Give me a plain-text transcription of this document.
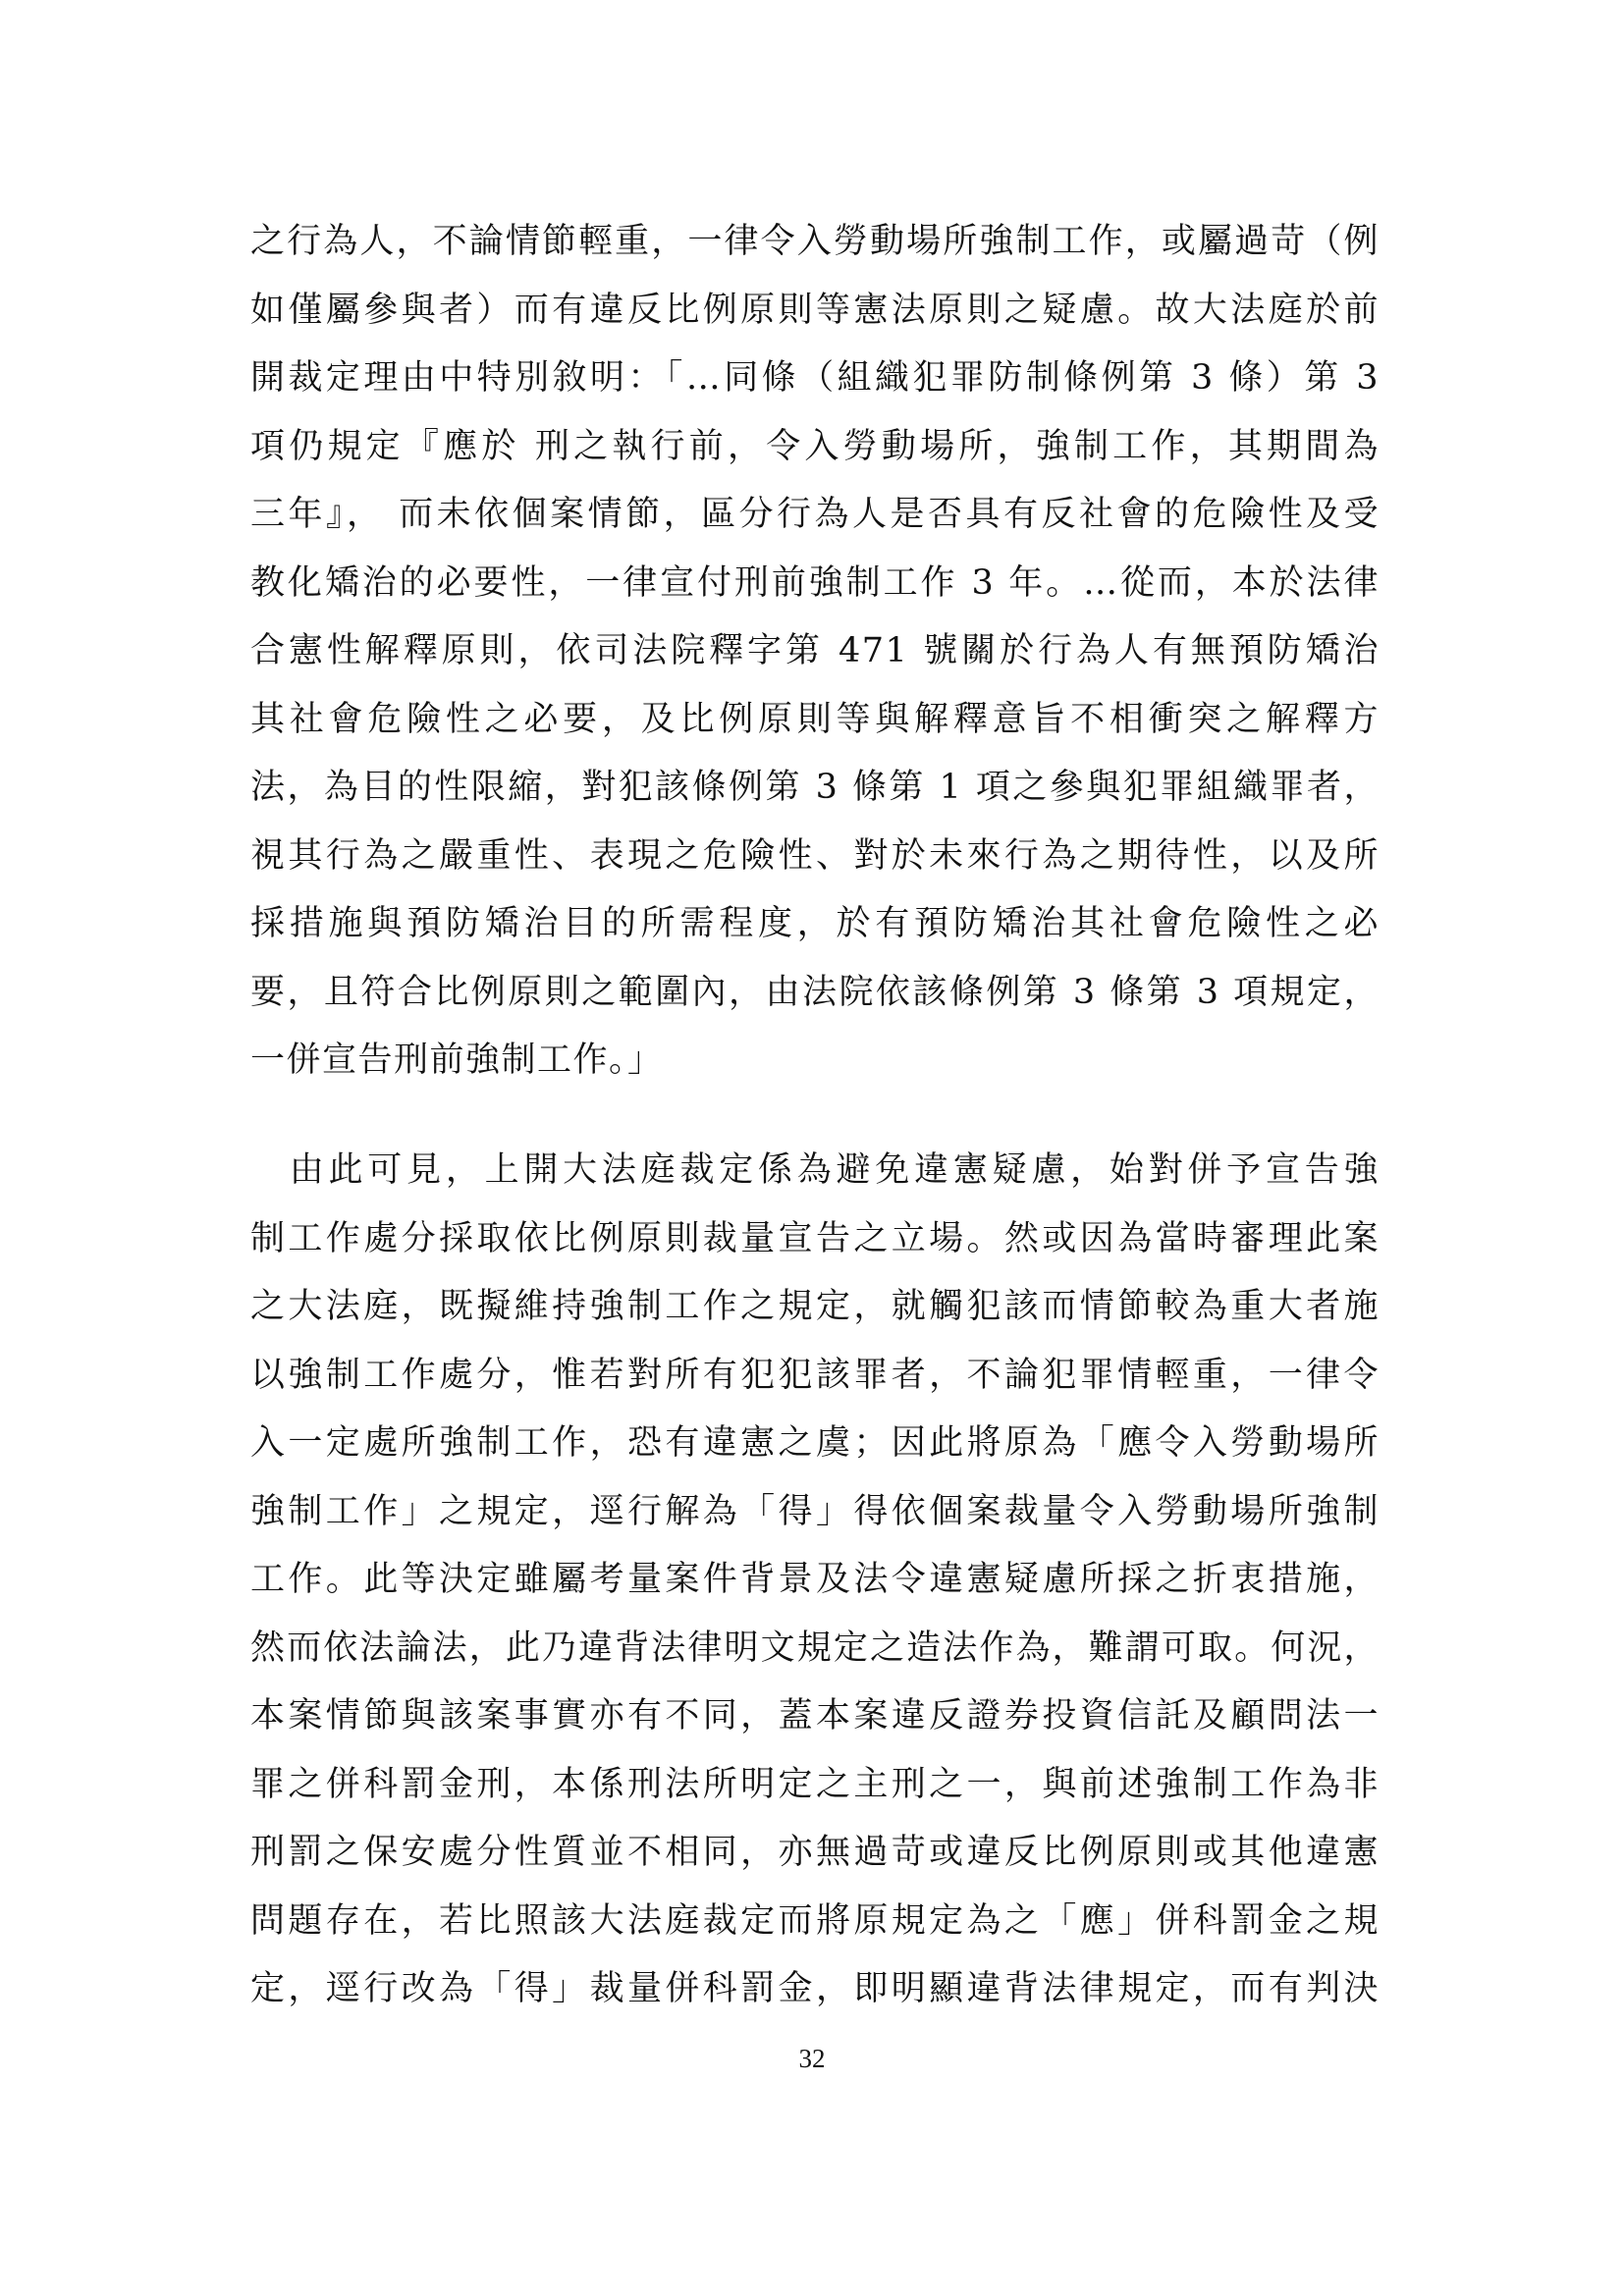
之行為人，不論情節輕重，一律令入勞動場所強制工作，或屬過苛（例
如僅屬參與者）而有違反比例原則等憲法原則之疑慮。故大法庭於前
開裁定理由中特別敘明：「…同條（組織犯罪防制條例第 3 條）第 3
項仍規定『應於 刑之執行前，令入勞動場所，強制工作，其期間為
三年』， 而未依個案情節，區分行為人是否具有反社會的危險性及受
教化矯治的必要性，一律宣付刑前強制工作 3 年。…從而，本於法律
合憲性解釋原則，依司法院釋字第 471 號關於行為人有無預防矯治
其社會危險性之必要，及比例原則等與解釋意旨不相衝突之解釋方
法，為目的性限縮，對犯該條例第 3 條第 1 項之參與犯罪組織罪者，
視其行為之嚴重性、表現之危險性、對於未來行為之期待性，以及所
採措施與預防矯治目的所需程度，於有預防矯治其社會危險性之必
要，且符合比例原則之範圍內，由法院依該條例第 3 條第 3 項規定，
一併宣告刑前強制工作。」
　由此可見，上開大法庭裁定係為避免違憲疑慮，始對併予宣告強
制工作處分採取依比例原則裁量宣告之立場。然或因為當時審理此案
之大法庭，既擬維持強制工作之規定，就觸犯該而情節較為重大者施
以強制工作處分，惟若對所有犯犯該罪者，不論犯罪情輕重，一律令
入一定處所強制工作，恐有違憲之虞；因此將原為「應令入勞動場所
強制工作」之規定，逕行解為「得」得依個案裁量令入勞動場所強制
工作。此等決定雖屬考量案件背景及法令違憲疑慮所採之折衷措施，
然而依法論法，此乃違背法律明文規定之造法作為，難謂可取。何況，
本案情節與該案事實亦有不同，蓋本案違反證券投資信託及顧問法一
罪之併科罰金刑，本係刑法所明定之主刑之一，與前述強制工作為非
刑罰之保安處分性質並不相同，亦無過苛或違反比例原則或其他違憲
問題存在，若比照該大法庭裁定而將原規定為之「應」併科罰金之規
定，逕行改為「得」裁量併科罰金，即明顯違背法律規定，而有判決
32
